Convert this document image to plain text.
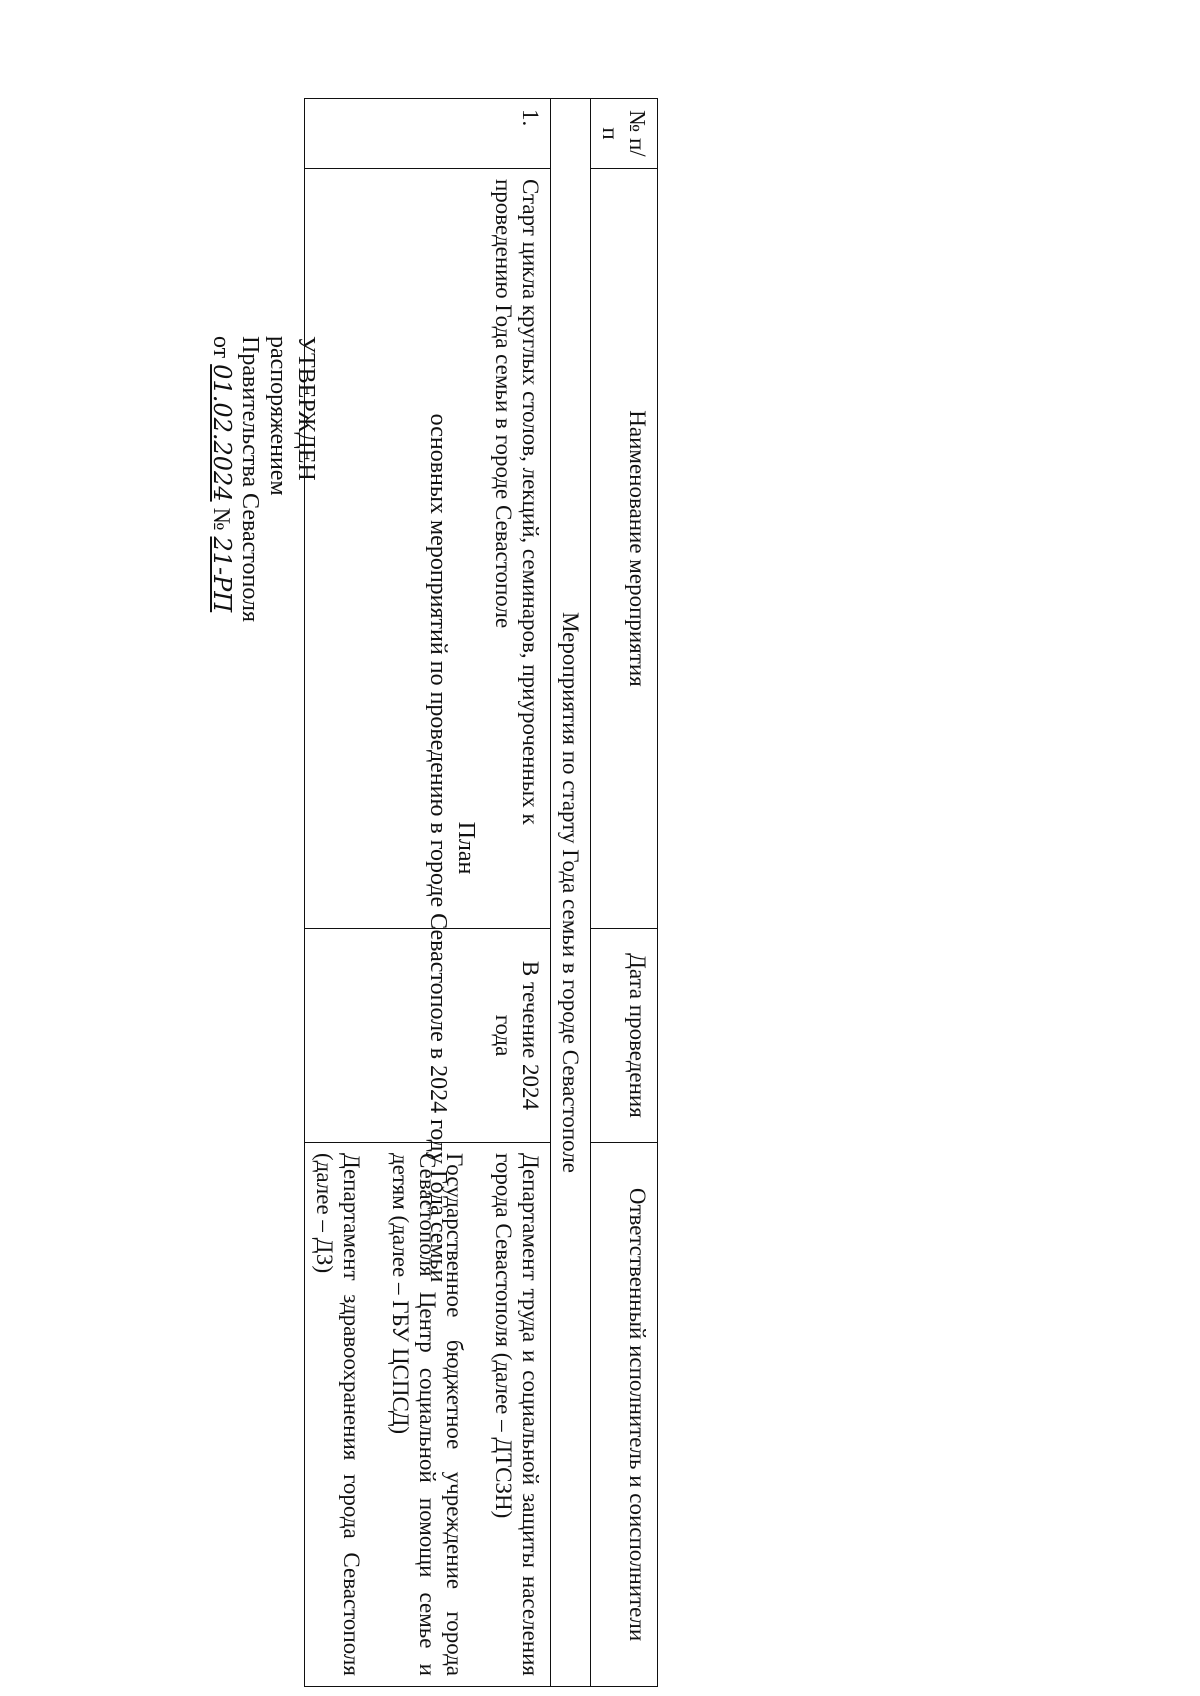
УТВЕРЖДЕН
распоряжением
Правительства Севастополя
от 01.02.2024 № 21-РП
План
основных мероприятий по проведению в городе Севастополе в 2024 году Года семьи
№ п/п	Наименование мероприятия	Дата проведения	Ответственный исполнитель и соисполнители
Мероприятия по старту Года семьи в городе Севастополе			
1.	Старт цикла круглых столов, лекций, семинаров, приуроченных к проведению Года семьи в городе Севастополе	В течение 2024 года	Департамент труда и социальной защиты населения города Севастополя (далее – ДТСЗН)
Государственное бюджетное учреждение города Севастополя Центр социальной помощи семье и детям (далее – ГБУ ЦСПСД)
Департамент здравоохранения города Севастополя (далее – ДЗ)
